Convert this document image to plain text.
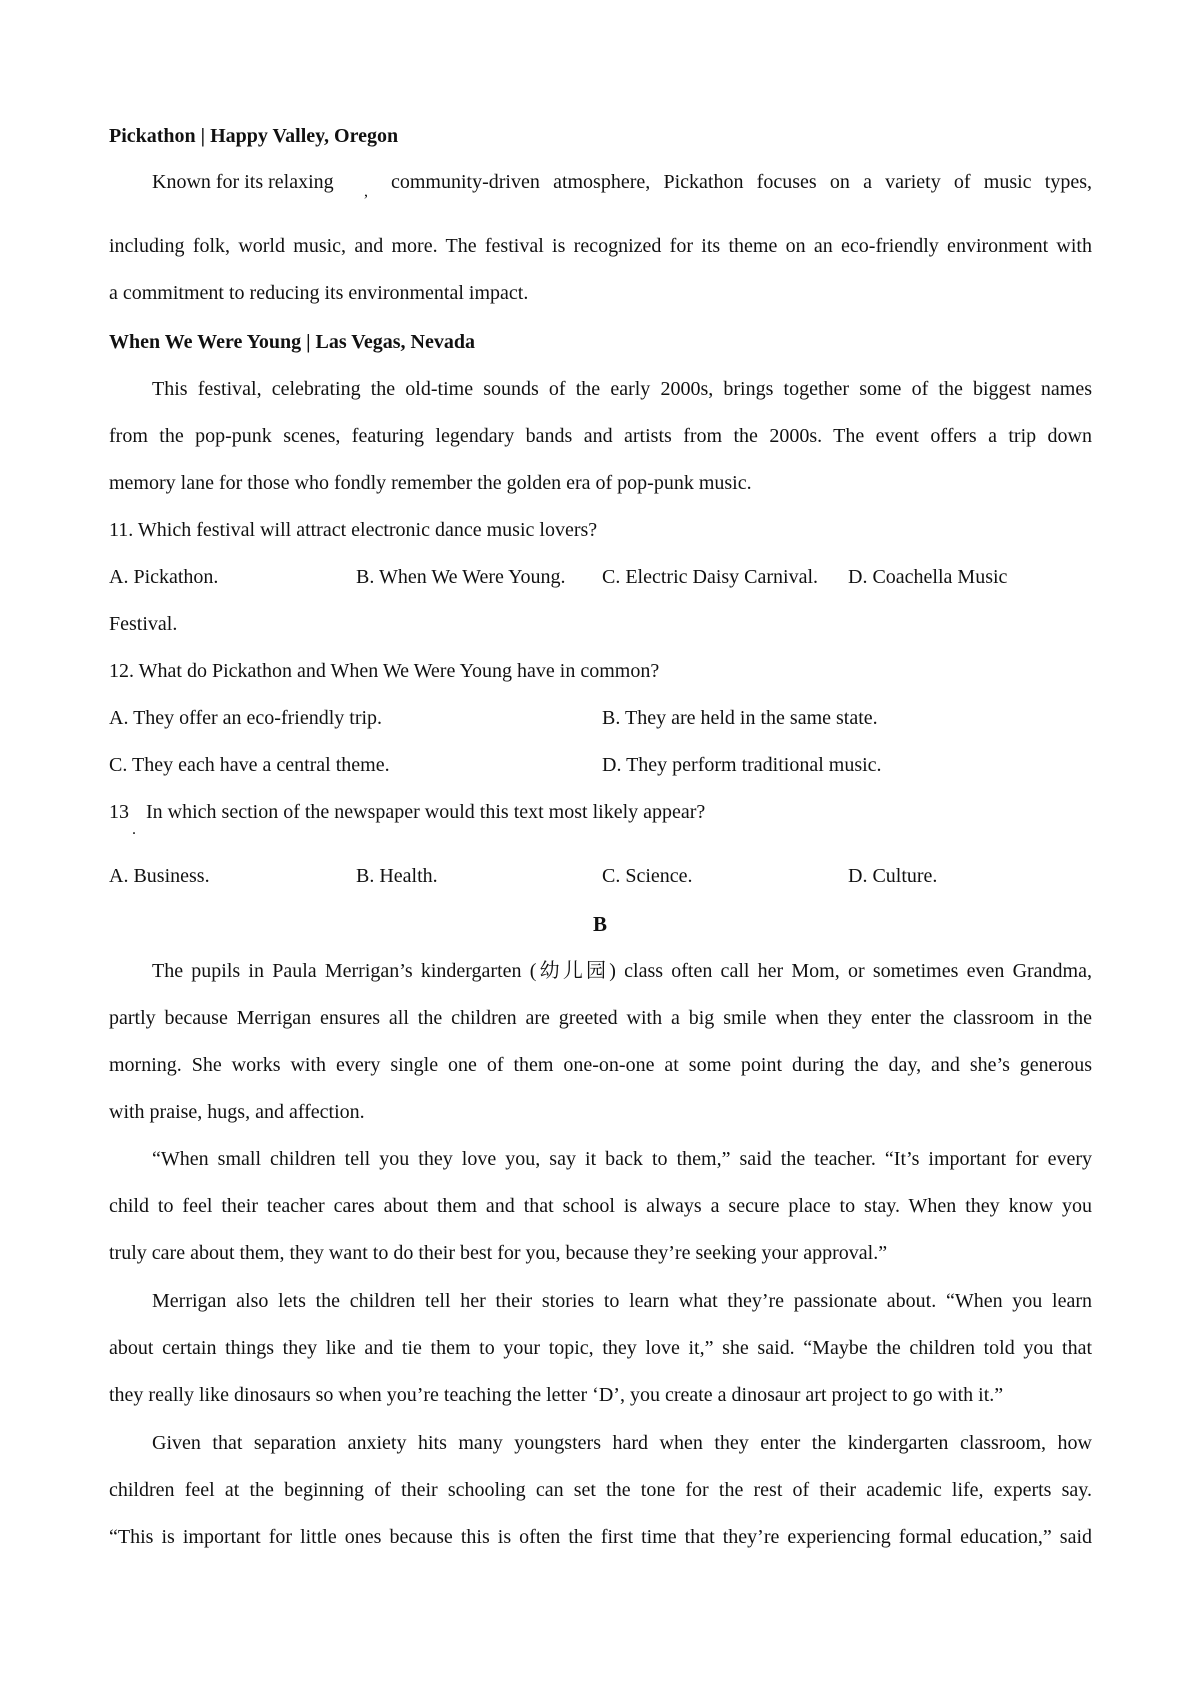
Pickathon | Happy Valley, Oregon
Known for its relaxing , community-driven atmosphere, Pickathon focuses on a variety of music types,
including folk, world music, and more. The festival is recognized for its theme on an eco-friendly environment with
a commitment to reducing its environmental impact.
When We Were Young | Las Vegas, Nevada
This festival, celebrating the old-time sounds of the early 2000s, brings together some of the biggest names
from the pop-punk scenes, featuring legendary bands and artists from the 2000s. The event offers a trip down
memory lane for those who fondly remember the golden era of pop-punk music.
11. Which festival will attract electronic dance music lovers?
A. Pickathon.	B. When We Were Young. C. Electric Daisy Carnival. D. Coachella Music
Festival.
12. What do Pickathon and When We Were Young have in common?
A. They offer an eco-friendly trip.	B. They are held in the same state.
C. They each have a central theme.	D. They perform traditional music.
13
.
In which section of the newspaper would this text most likely appear?
A. Business.	B. Health.	C. Science.	D. Culture.
B
The pupils in Paula Merrigan’s kindergarten (幼儿园) class often call her Mom, or sometimes even Grandma,
partly because Merrigan ensures all the children are greeted with a big smile when they enter the classroom in the
morning. She works with every single one of them one-on-one at some point during the day, and she’s generous
with praise, hugs, and affection.
“When small children tell you they love you, say it back to them,” said the teacher. “It’s important for every
child to feel their teacher cares about them and that school is always a secure place to stay. When they know you
truly care about them, they want to do their best for you, because they’re seeking your approval.”
Merrigan also lets the children tell her their stories to learn what they’re passionate about. “When you learn
about certain things they like and tie them to your topic, they love it,” she said. “Maybe the children told you that
they really like dinosaurs so when you’re teaching the letter ‘D’, you create a dinosaur art project to go with it.”
Given that separation anxiety hits many youngsters hard when they enter the kindergarten classroom, how
children feel at the beginning of their schooling can set the tone for the rest of their academic life, experts say.
“This is important for little ones because this is often the first time that they’re experiencing formal education,” said
